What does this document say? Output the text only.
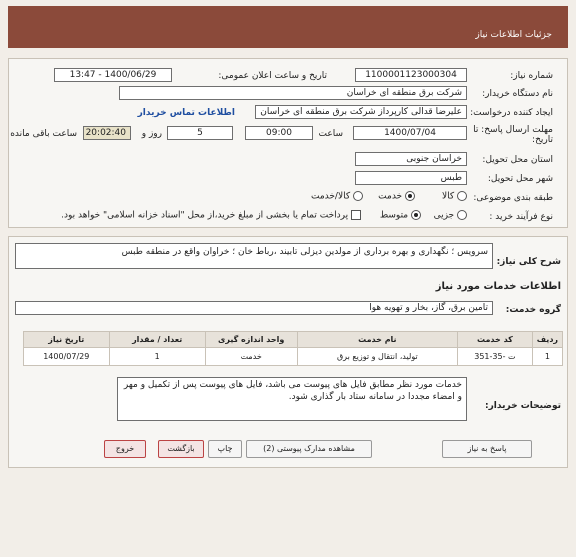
جزئیات اطلاعات نیاز
شماره نیاز:
1100001123000304
تاریخ و ساعت اعلان عمومی:
1400/06/29 - 13:47
نام دستگاه خریدار:
شرکت برق منطقه ای خراسان
ایجاد کننده درخواست:
علیرضا قدالی کارپرداز شرکت برق منطقه ای خراسان
اطلاعات تماس خریدار
مهلت ارسال پاسخ: تا
تاریخ:
1400/07/04
ساعت
09:00
5
روز و
20:02:40
ساعت باقی مانده
استان محل تحویل:
خراسان جنوبی
شهر محل تحویل:
طبس
طبقه بندی موضوعی:
کالا
خدمت
کالا/خدمت
نوع فرآیند خرید :
جزیی
متوسط
پرداخت تمام یا بخشی از مبلغ خرید،از محل "اسناد خزانه اسلامی" خواهد بود.
شرح کلی نیاز:
سرویس ؛ نگهداری و بهره برداری از مولدین دیزلی تابیند ،رباط خان ؛ خراوان واقع در منطقه طبس
اطلاعات خدمات مورد نیاز
گروه خدمت:
تامین برق، گاز، بخار و تهویه هوا
ردیف	کد خدمت	نام خدمت	واحد اندازه گیری	تعداد / مقدار	تاریخ نیاز
1	ت -35-351	تولید، انتقال و توزیع برق	خدمت	1	1400/07/29
توضیحات خریدار:
خدمات مورد نظر مطابق فایل های پیوست می باشد، فایل های پیوست پس از تکمیل و مهر و امضاء مجددا در سامانه ستاد بار گذاری شود.
پاسخ به نیاز
مشاهده مدارک پیوستی (2)
چاپ
بازگشت
خروج
